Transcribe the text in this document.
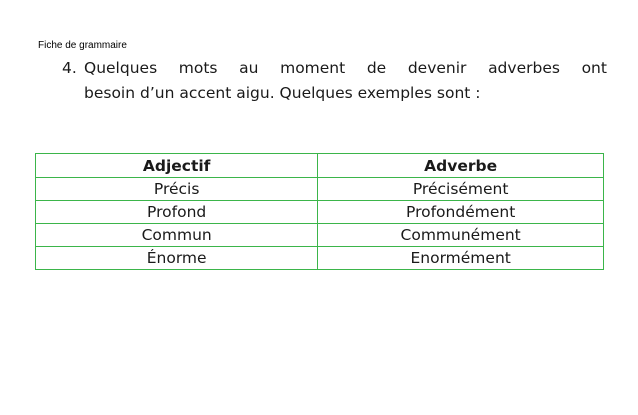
Fiche de grammaire
4. Quelques mots au moment de devenir adverbes ont
besoin d’un accent aigu. Quelques exemples sont :
Adjectif	Adverbe
Précis	Précisément
Profond	Profondément
Commun	Communément
Énorme	Enormément
